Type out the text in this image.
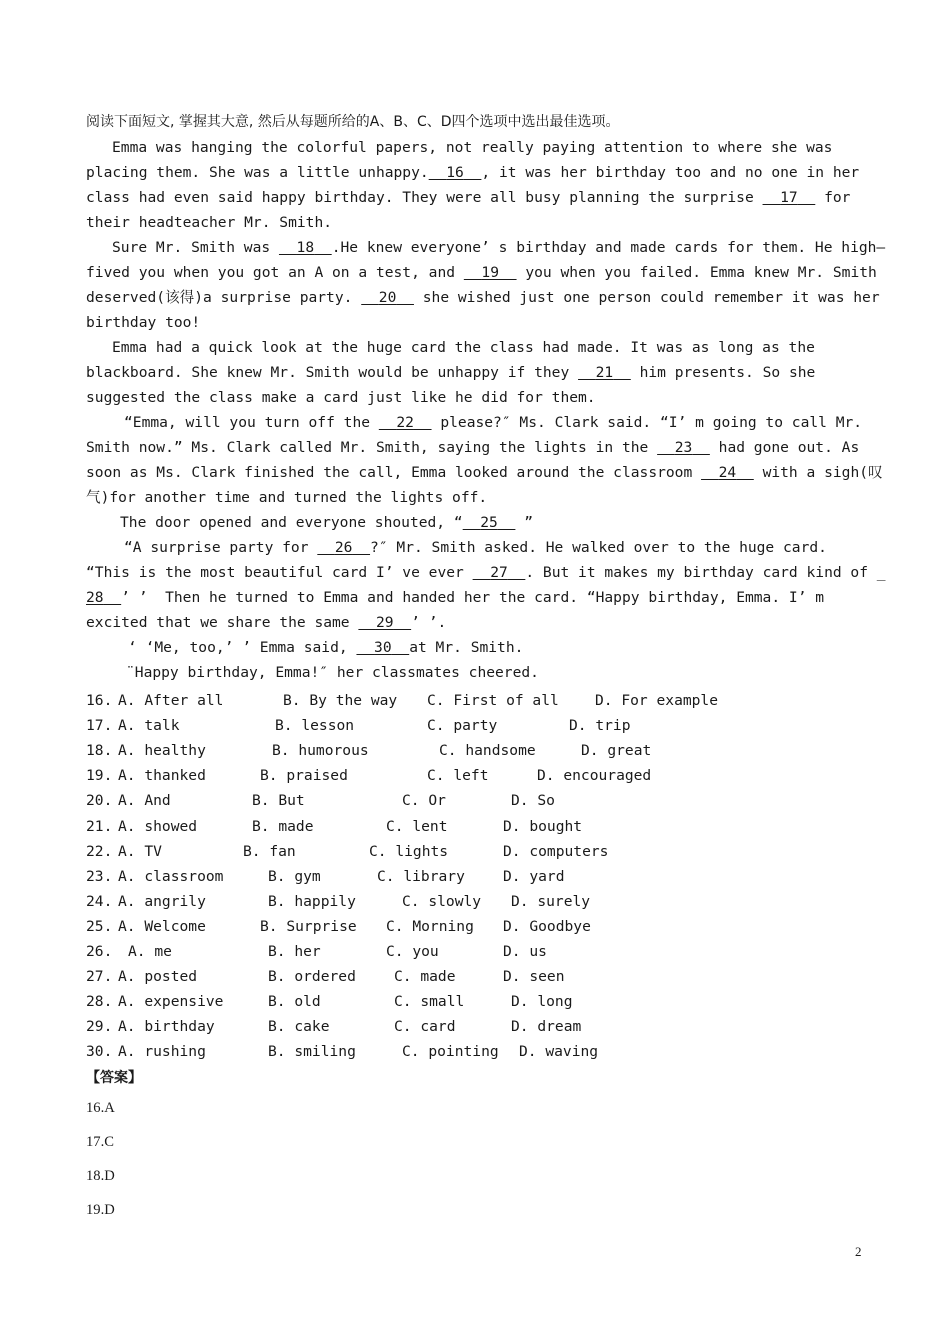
阅读下面短文, 掌握其大意, 然后从每题所给的A、B、C、D四个选项中选出最佳选项。
Emma was hanging the colorful papers, not really paying attention to where she was
placing them. She was a little unhappy. 16 , it was her birthday too and no one in her
class had even said happy birthday. They were all busy planning the surprise 17 for
their headteacher Mr. Smith.
Sure Mr. Smith was 18 .He knew everyone’ s birthday and made cards for them. He high—
fived you when you got an A on a test, and 19 you when you failed. Emma knew Mr. Smith
deserved(该得)a surprise party. 20 she wished just one person could remember it was her
birthday too!
Emma had a quick look at the huge card the class had made. It was as long as the
blackboard. She knew Mr. Smith would be unhappy if they 21 him presents. So she
suggested the class make a card just like he did for them.
“Emma, will you turn off the 22 please?″ Ms. Clark said. “I’ m going to call Mr.
Smith now.” Ms. Clark called Mr. Smith, saying the lights in the 23 had gone out. As
soon as Ms. Clark finished the call, Emma looked around the classroom 24 with a sigh(叹
气)for another time and turned the lights off.
The door opened and everyone shouted, “ 25 ”
“A surprise party for 26 ?″ Mr. Smith asked. He walked over to the huge card.
“This is the most beautiful card I’ ve ever 27 . But it makes my birthday card kind of _
28 ’ ’  Then he turned to Emma and handed her the card. “Happy birthday, Emma. I’ m
excited that we share the same 29 ’ ’.
‘ ‘Me, too,’ ’ Emma said, 30 at Mr. Smith.
¨Happy birthday, Emma!″ her classmates cheered.
16. A. After all	B. By the way C. First of all D. For example
17. A. talk	B. lesson	C. party	D. trip
18. A. healthy	B. humorous	C. handsome	D. great
19. A. thanked	B. praised	C. left	D. encouraged
20. A. And	B. But	C. Or	D. So
21. A. showed	B. made	C. lent	D. bought
22. A. TV	B. fan	C. lights	D. computers
23. A. classroom	B. gym	C. library	D. yard
24. A. angrily	B. happily	C. slowly D. surely
25. A. Welcome	B. Surprise C. Morning D. Goodbye
26. A. me	B. her	C. you	D. us
27. A. posted	B. ordered	C. made	D. seen
28. A. expensive	B. old	C. small	D. long
29. A. birthday	B. cake	C. card	D. dream
30. A. rushing	B. smiling	C. pointing D. waving
【答案】
16.A
17.C
18.D
19.D
2
